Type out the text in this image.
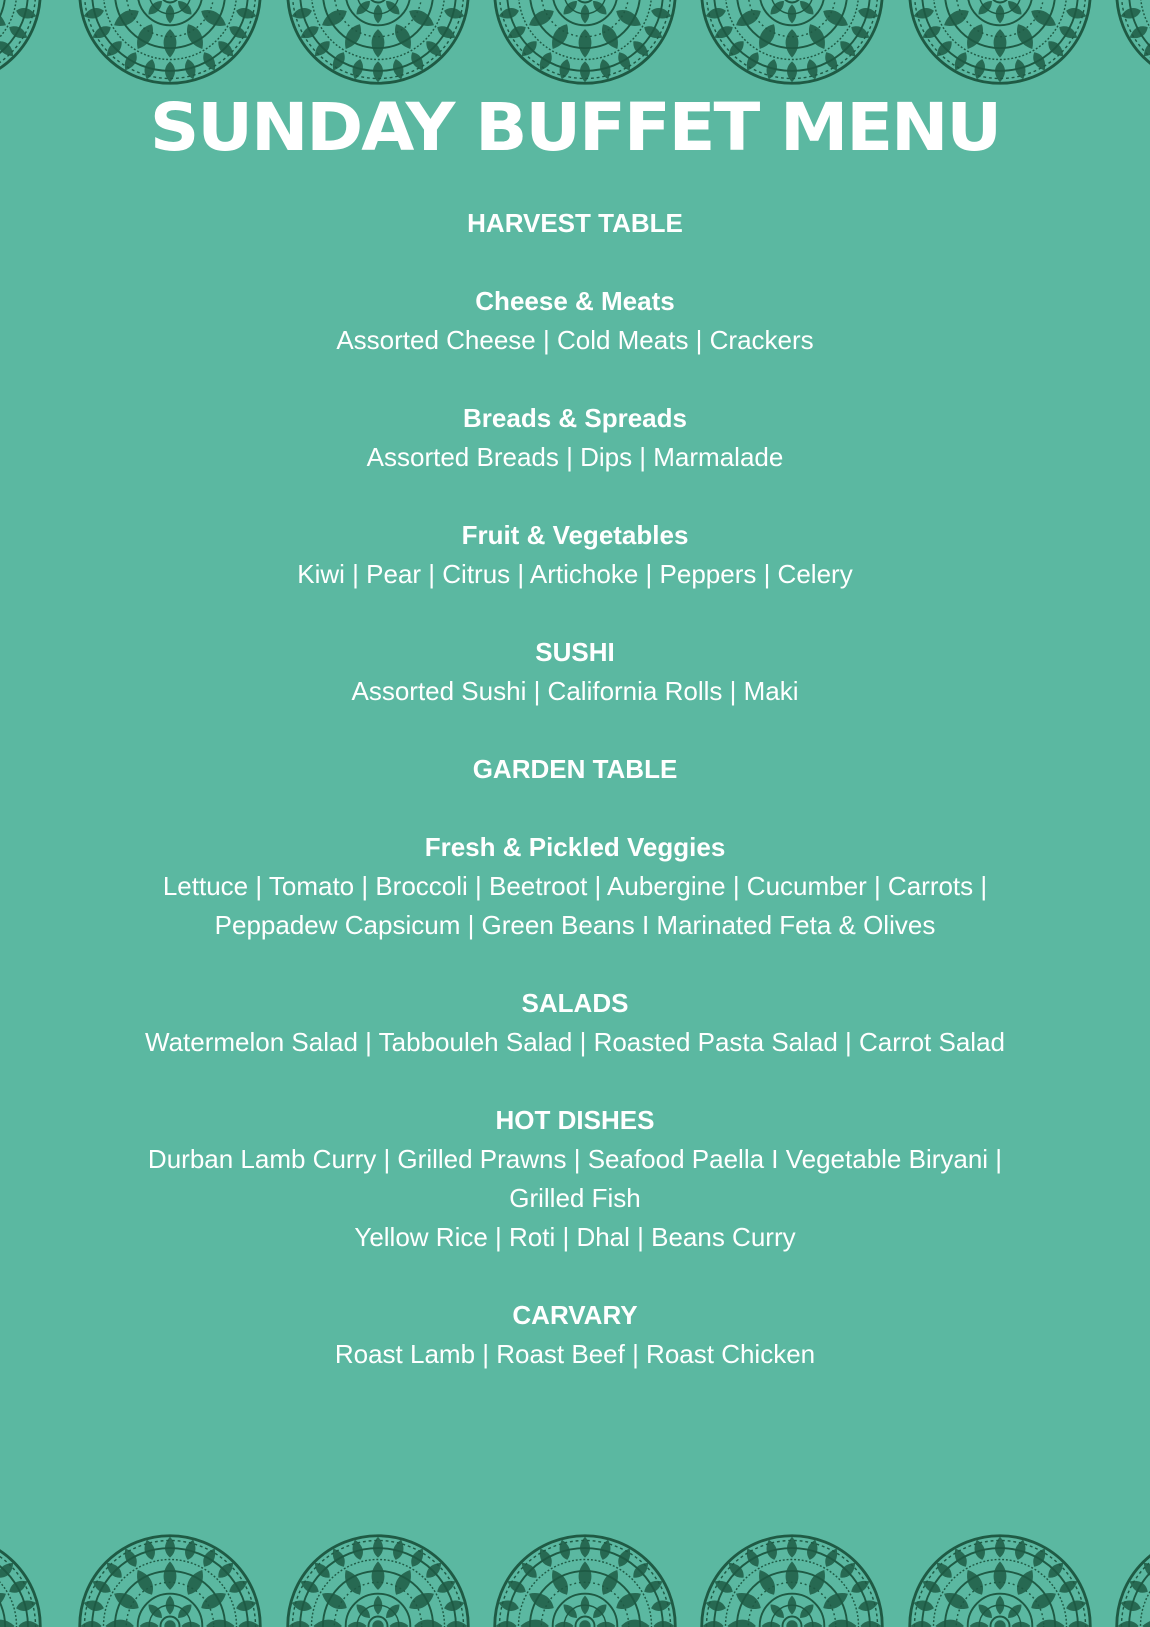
SUNDAY BUFFET MENU

HARVEST TABLE

Cheese & Meats

Assorted Cheese | Cold Meats | Crackers

Breads & Spreads

Assorted Breads | Dips | Marmalade

Fruit & Vegetables

Kiwi | Pear | Citrus | Artichoke | Peppers | Celery

SUSHI

Assorted Sushi | California Rolls | Maki

GARDEN TABLE

Fresh & Pickled Veggies

Lettuce | Tomato | Broccoli | Beetroot | Aubergine | Cucumber | Carrots |

Peppadew Capsicum | Green Beans I Marinated Feta & Olives

SALADS

Watermelon Salad | Tabbouleh Salad | Roasted Pasta Salad | Carrot Salad

HOT DISHES

Durban Lamb Curry | Grilled Prawns | Seafood Paella I Vegetable Biryani |

Grilled Fish

Yellow Rice | Roti | Dhal | Beans Curry

CARVARY

Roast Lamb | Roast Beef | Roast Chicken
